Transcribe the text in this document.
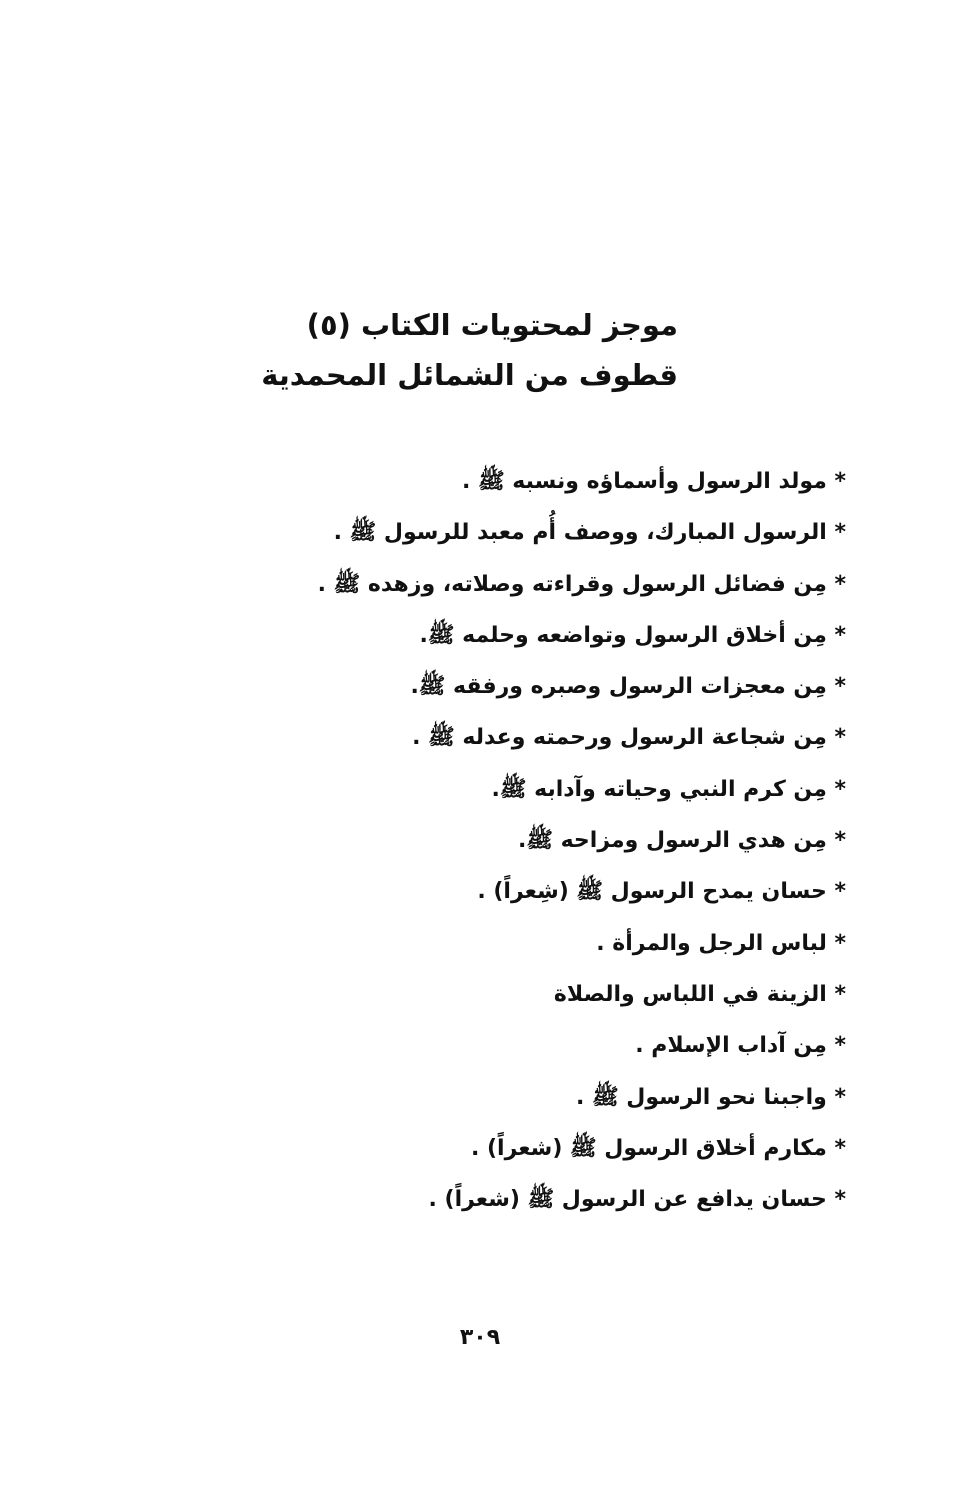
موجز لمحتويات الكتاب (٥)
قطوف من الشمائل المحمدية
* مولد الرسول وأسماؤه ونسبه ﷺ .
* الرسول المبارك، ووصف أُم معبد للرسول ﷺ .
* مِن فضائل الرسول وقراءته وصلاته، وزهده ﷺ .
* مِن أخلاق الرسول وتواضعه وحلمه ﷺ.
* مِن معجزات الرسول وصبره ورفقه ﷺ.
* مِن شجاعة الرسول ورحمته وعدله ﷺ .
* مِن كرم النبي وحياته وآدابه ﷺ.
* مِن هدي الرسول ومزاحه ﷺ.
* حسان يمدح الرسول ﷺ (شِعراً) .
* لباس الرجل والمرأة .
* الزينة في اللباس والصلاة
* مِن آداب الإسلام .
* واجبنا نحو الرسول ﷺ .
* مكارم أخلاق الرسول ﷺ (شعراً) .
* حسان يدافع عن الرسول ﷺ (شعراً) .
٣٠٩
